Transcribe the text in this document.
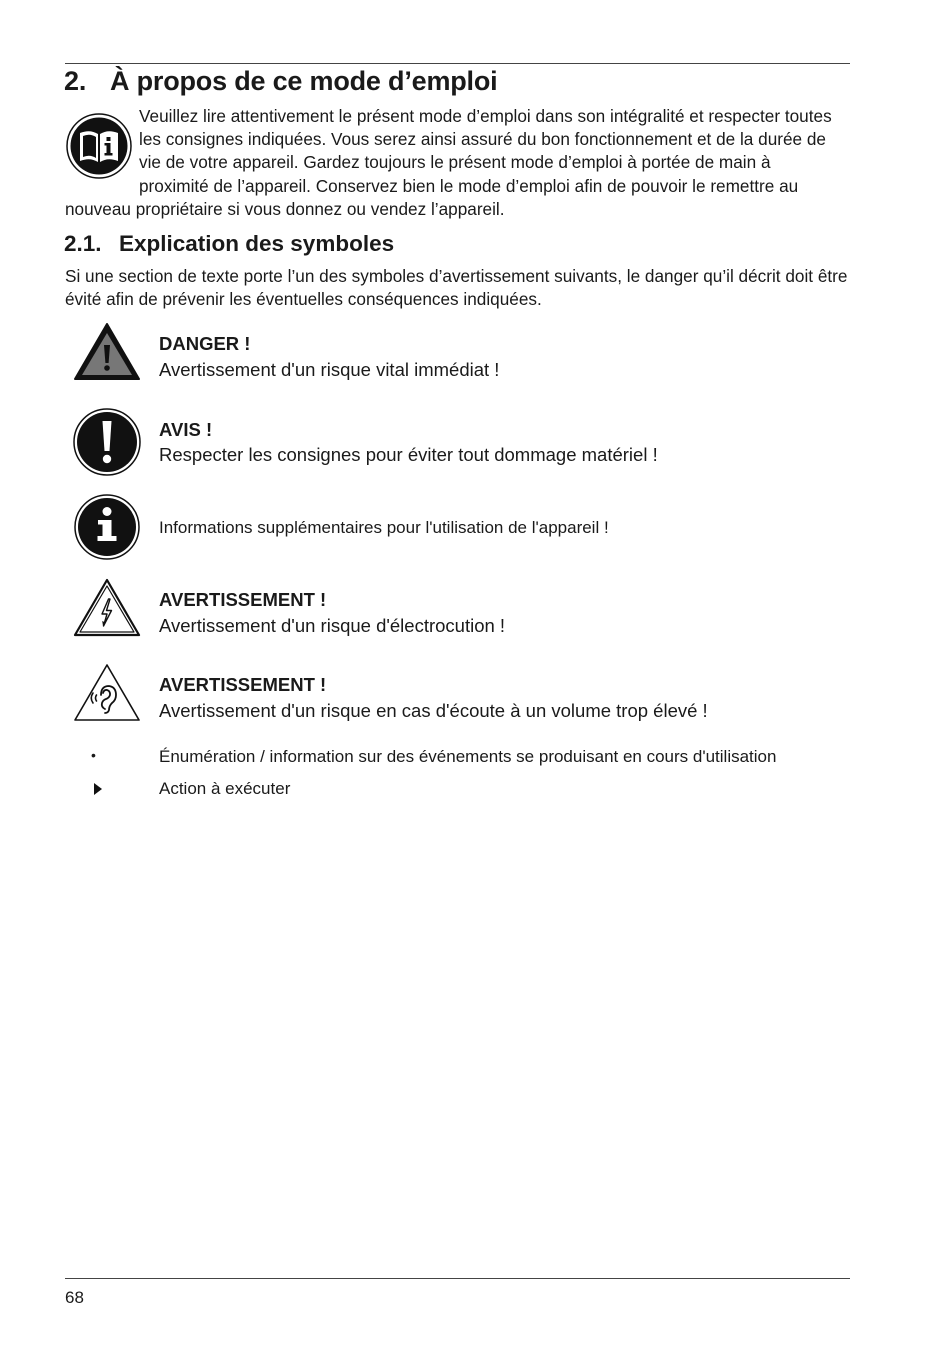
2. À propos de ce mode d’emploi

Veuillez lire attentivement le présent mode d’emploi dans son intégralité et respecter toutes les consignes indiquées. Vous serez ainsi assuré du bon fonctionnement et de la durée de vie de votre appareil. Gardez toujours le présent mode d’emploi à portée de main à proximité de l’appareil. Conservez bien le mode d’emploi afin de pouvoir le remettre au nouveau propriétaire si vous donnez ou vendez l’appareil.

2.1. Explication des symboles

Si une section de texte porte l’un des symboles d’avertissement suivants, le danger qu’il décrit doit être évité afin de prévenir les éventuelles conséquences indiquées.

DANGER !
Avertissement d'un risque vital immédiat !
AVIS !
Respecter les consignes pour éviter tout dommage matériel !
Informations supplémentaires pour l'utilisation de l'appareil !
AVERTISSEMENT !
Avertissement d'un risque d'électrocution !
AVERTISSEMENT !
Avertissement d'un risque en cas d'écoute à un volume trop élevé !
•	Énumération / information sur des événements se produisant en cours d'utilisation
Action à exécuter
68
